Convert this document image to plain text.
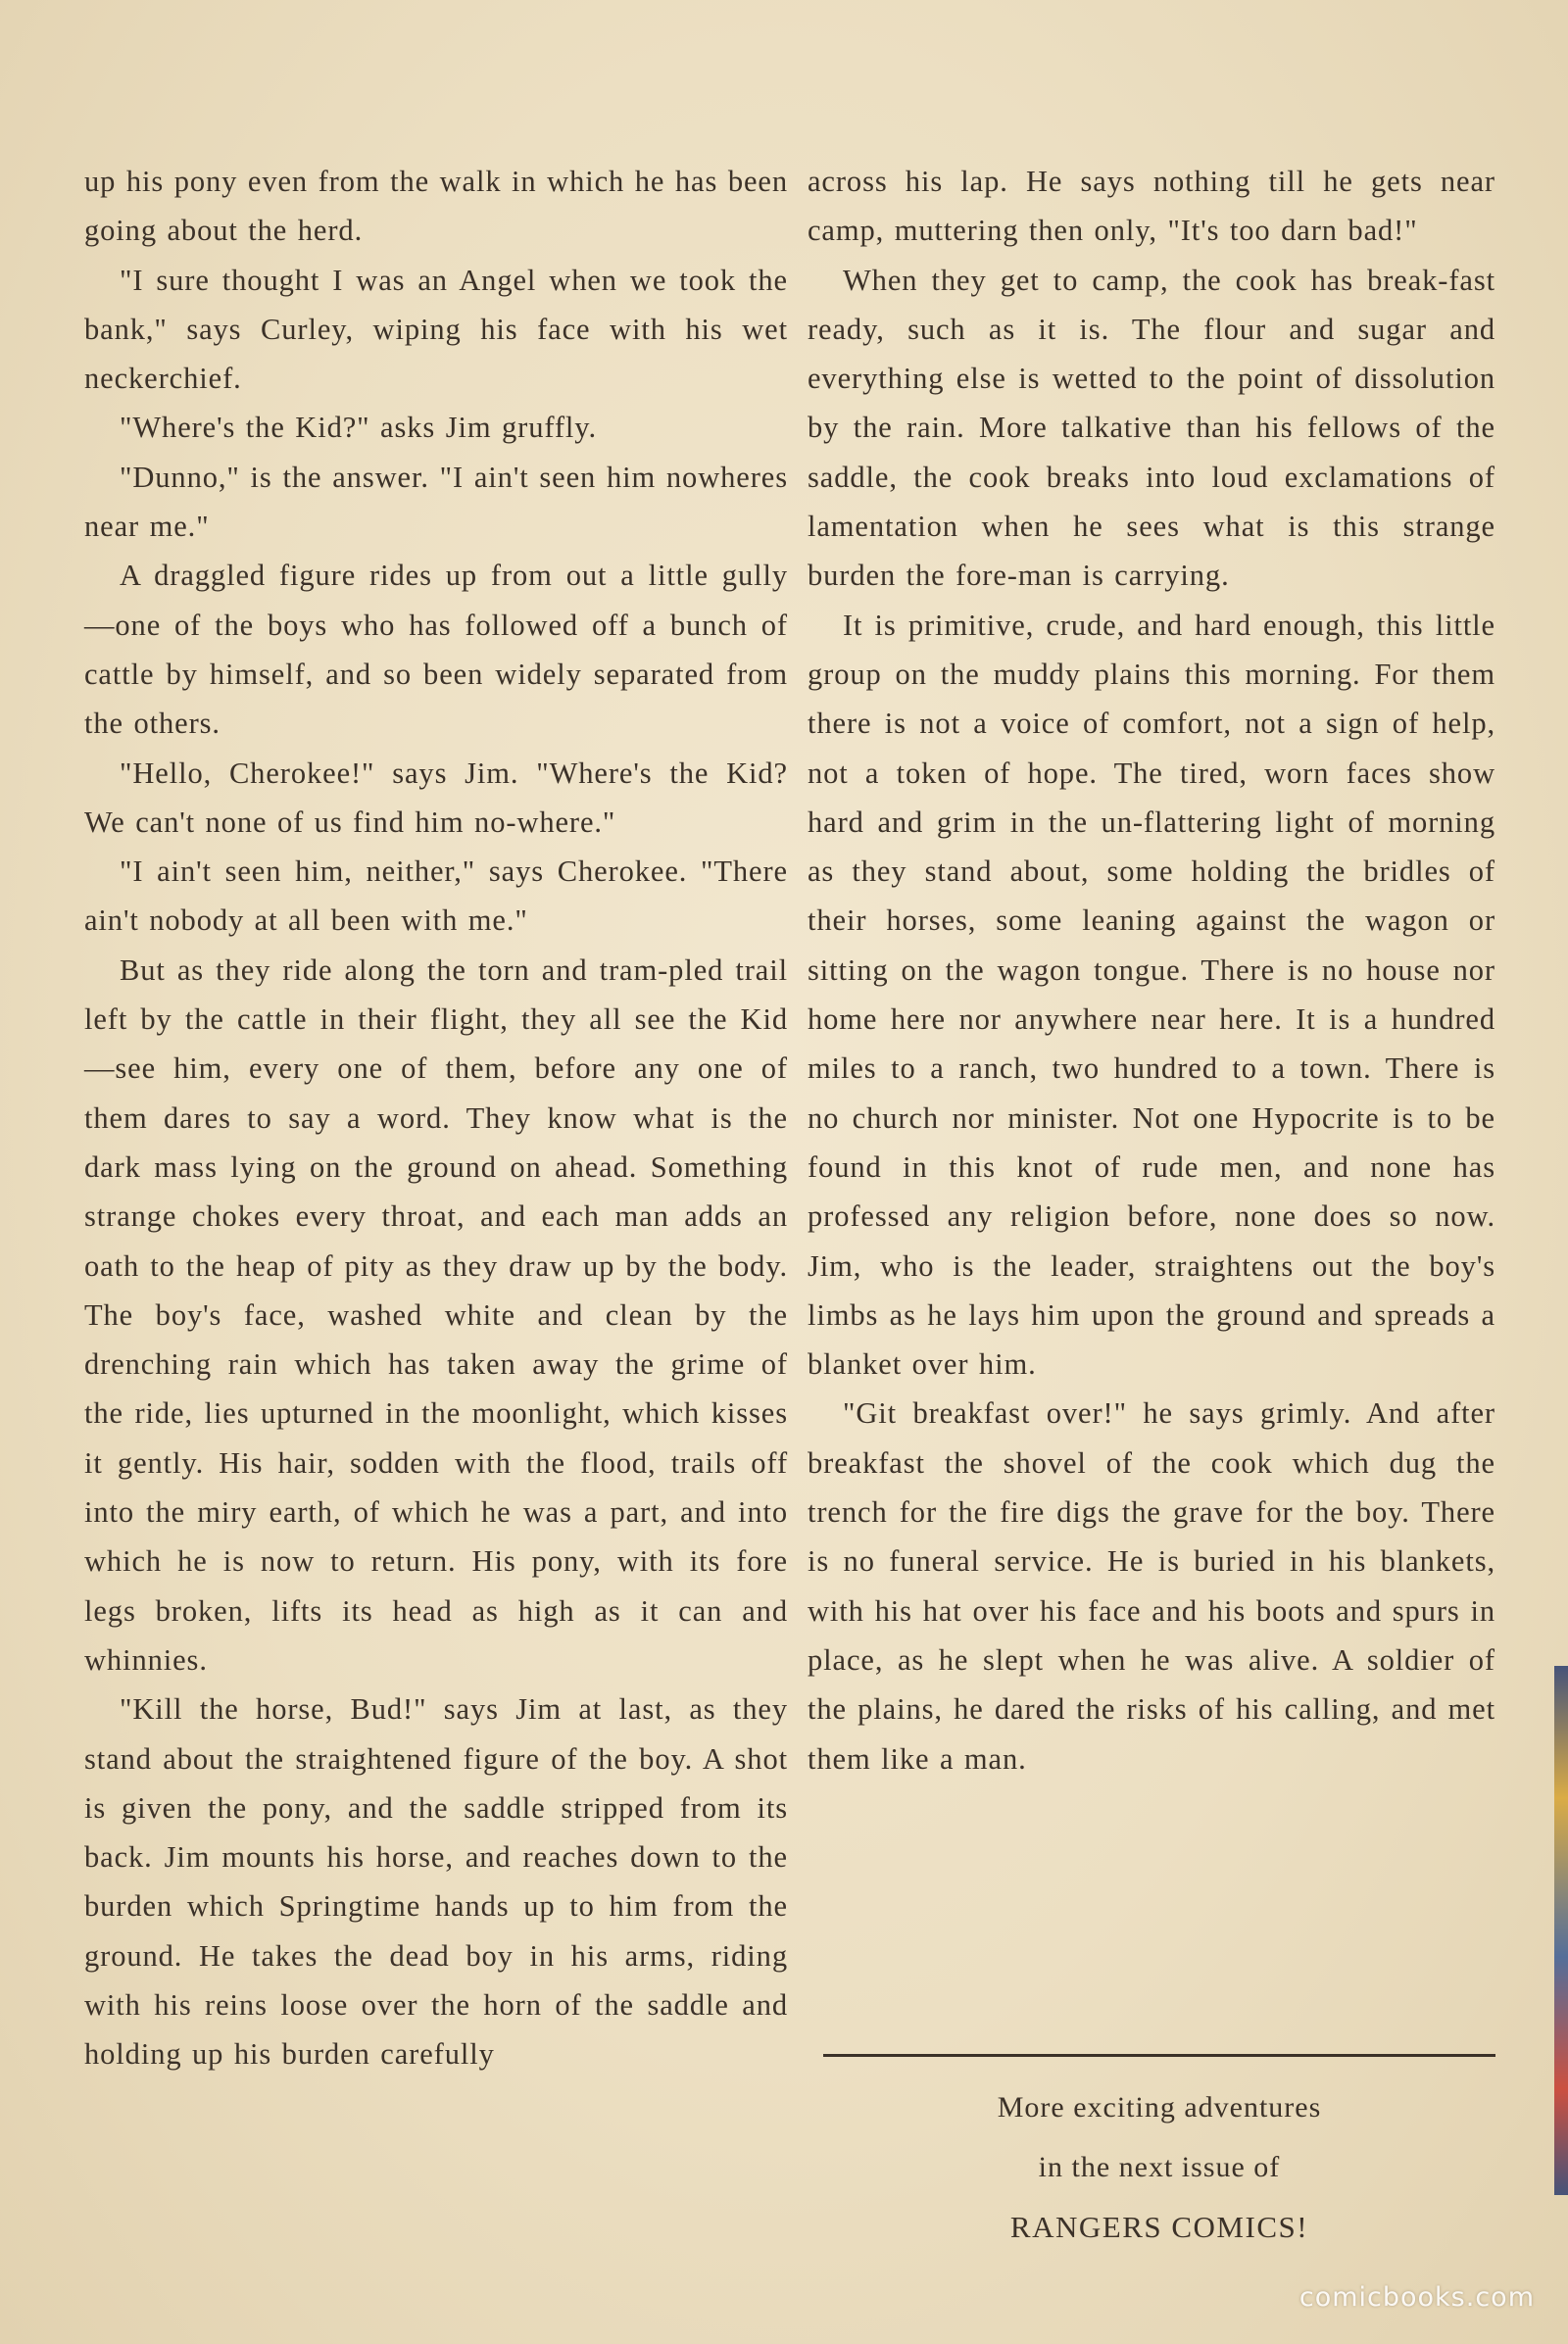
up his pony even from the walk in which he has been going about the herd.

"I sure thought I was an Angel when we took the bank," says Curley, wiping his face with his wet neckerchief.

"Where's the Kid?" asks Jim gruffly.

"Dunno," is the answer. "I ain't seen him nowheres near me."

A draggled figure rides up from out a little gully—one of the boys who has followed off a bunch of cattle by himself, and so been widely separated from the others.

"Hello, Cherokee!" says Jim. "Where's the Kid? We can't none of us find him no-where."

"I ain't seen him, neither," says Cherokee. "There ain't nobody at all been with me."

But as they ride along the torn and tram-pled trail left by the cattle in their flight, they all see the Kid—see him, every one of them, before any one of them dares to say a word. They know what is the dark mass lying on the ground on ahead. Something strange chokes every throat, and each man adds an oath to the heap of pity as they draw up by the body. The boy's face, washed white and clean by the drenching rain which has taken away the grime of the ride, lies upturned in the moonlight, which kisses it gently. His hair, sodden with the flood, trails off into the miry earth, of which he was a part, and into which he is now to return. His pony, with its fore legs broken, lifts its head as high as it can and whinnies.

"Kill the horse, Bud!" says Jim at last, as they stand about the straightened figure of the boy. A shot is given the pony, and the saddle stripped from its back. Jim mounts his horse, and reaches down to the burden which Springtime hands up to him from the ground. He takes the dead boy in his arms, riding with his reins loose over the horn of the saddle and holding up his burden carefully

across his lap. He says nothing till he gets near camp, muttering then only, "It's too darn bad!"

When they get to camp, the cook has break-fast ready, such as it is. The flour and sugar and everything else is wetted to the point of dissolution by the rain. More talkative than his fellows of the saddle, the cook breaks into loud exclamations of lamentation when he sees what is this strange burden the fore-man is carrying.

It is primitive, crude, and hard enough, this little group on the muddy plains this morning. For them there is not a voice of comfort, not a sign of help, not a token of hope. The tired, worn faces show hard and grim in the un-flattering light of morning as they stand about, some holding the bridles of their horses, some leaning against the wagon or sitting on the wagon tongue. There is no house nor home here nor anywhere near here. It is a hundred miles to a ranch, two hundred to a town. There is no church nor minister. Not one Hypocrite is to be found in this knot of rude men, and none has professed any religion before, none does so now. Jim, who is the leader, straightens out the boy's limbs as he lays him upon the ground and spreads a blanket over him.

"Git breakfast over!" he says grimly. And after breakfast the shovel of the cook which dug the trench for the fire digs the grave for the boy. There is no funeral service. He is buried in his blankets, with his hat over his face and his boots and spurs in place, as he slept when he was alive. A soldier of the plains, he dared the risks of his calling, and met them like a man.

More exciting adventures
in the next issue of
RANGERS COMICS!
comicbooks.com
